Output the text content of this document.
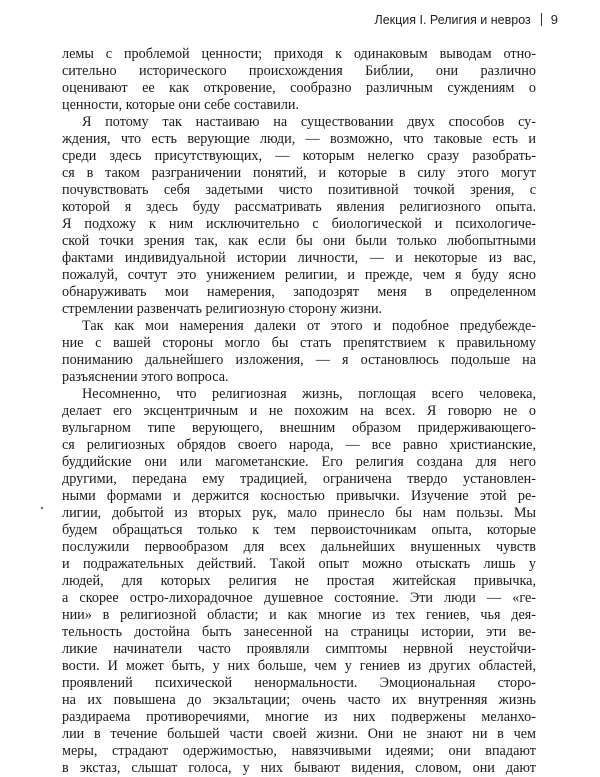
Лекция I. Религия и невроз 9

лемы с проблемой ценности; приходя к одинаковым выводам отно-
сительно исторического происхождения Библии, они различно
оценивают ее как откровение, сообразно различным суждениям о
ценности, которые они себе составили.

Я потому так настаиваю на существовании двух способов су-
ждения, что есть верующие люди, — возможно, что таковые есть и
среди здесь присутствующих, — которым нелегко сразу разобрать-
ся в таком разграничении понятий, и которые в силу этого могут
почувствовать себя задетыми чисто позитивной точкой зрения, с
которой я здесь буду рассматривать явления религиозного опыта.
Я подхожу к ним исключительно с биологической и психологиче-
ской точки зрения так, как если бы они были только любопытными
фактами индивидуальной истории личности, — и некоторые из вас,
пожалуй, сочтут это унижением религии, и прежде, чем я буду ясно
обнаруживать мои намерения, заподозрят меня в определенном
стремлении развенчать религиозную сторону жизни.

Так как мои намерения далеки от этого и подобное предубежде-
ние с вашей стороны могло бы стать препятствием к правильному
пониманию дальнейшего изложения, — я остановлюсь подольше на
разъяснении этого вопроса.

Несомненно, что религиозная жизнь, поглощая всего человека,
делает его эксцентричным и не похожим на всех. Я говорю не о
вульгарном типе верующего, внешним образом придерживающего-
ся религиозных обрядов своего народа, — все равно христианские,
буддийские они или магометанские. Его религия создана для него
другими, передана ему традицией, ограничена твердо установлен-
ными формами и держится косностью привычки. Изучение этой ре-
лигии, добытой из вторых рук, мало принесло бы нам пользы. Мы
будем обращаться только к тем первоисточникам опыта, которые
послужили первообразом для всех дальнейших внушенных чувств
и подражательных действий. Такой опыт можно отыскать лишь у
людей, для которых религия не простая житейская привычка,
а скорее остро-лихорадочное душевное состояние. Эти люди — «ге-
нии» в религиозной области; и как многие из тех гениев, чья дея-
тельность достойна быть занесенной на страницы истории, эти ве-
ликие начинатели часто проявляли симптомы нервной неустойчи-
вости. И может быть, у них больше, чем у гениев из других областей,
проявлений психической ненормальности. Эмоциональная сторо-
на их повышена до экзальтации; очень часто их внутренняя жизнь
раздираема противоречиями, многие из них подвержены меланхо-
лии в течение большей части своей жизни. Они не знают ни в чем
меры, страдают одержимостью, навязчивыми идеями; они впадают
в экстаз, слышат голоса, у них бывают видения, словом, они дают
